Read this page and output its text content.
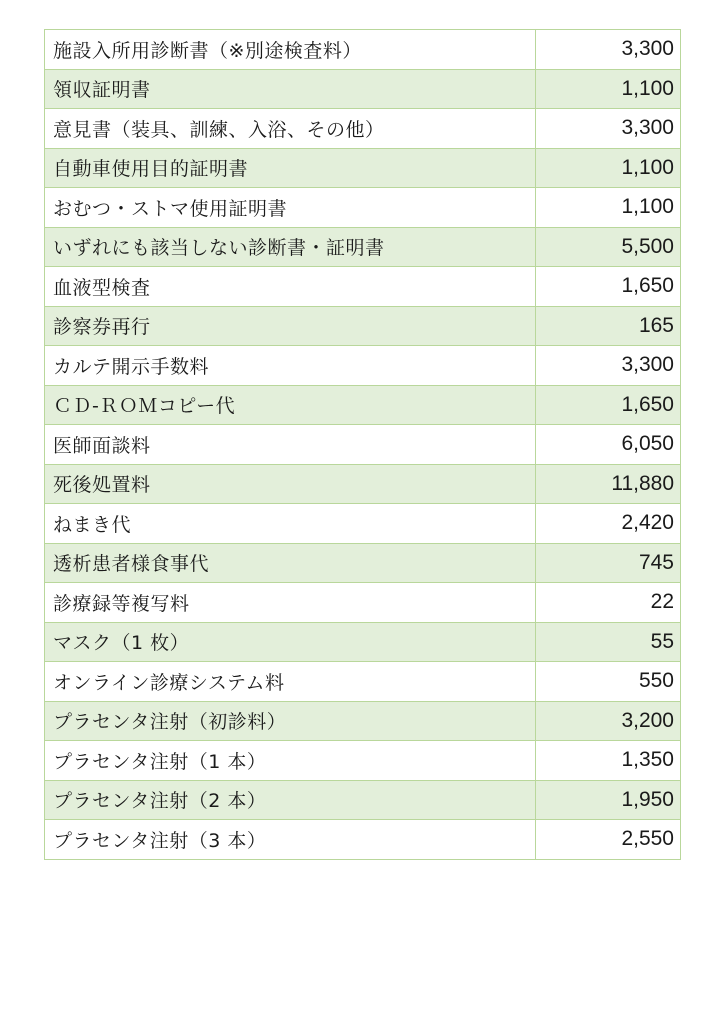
施設入所用診断書（※別途検査料）	3,300
領収証明書	1,100
意見書（装具、訓練、入浴、その他）	3,300
自動車使用目的証明書	1,100
おむつ・ストマ使用証明書	1,100
いずれにも該当しない診断書・証明書	5,500
血液型検査	1,650
診察券再行	165
カルテ開示手数料	3,300
ＣＤ-ＲＯＭコピー代	1,650
医師面談料	6,050
死後処置料	11,880
ねまき代	2,420
透析患者様食事代	745
診療録等複写料	22
マスク（1 枚）	55
オンライン診療システム料	550
プラセンタ注射（初診料）	3,200
プラセンタ注射（1 本）	1,350
プラセンタ注射（2 本）	1,950
プラセンタ注射（3 本）	2,550
